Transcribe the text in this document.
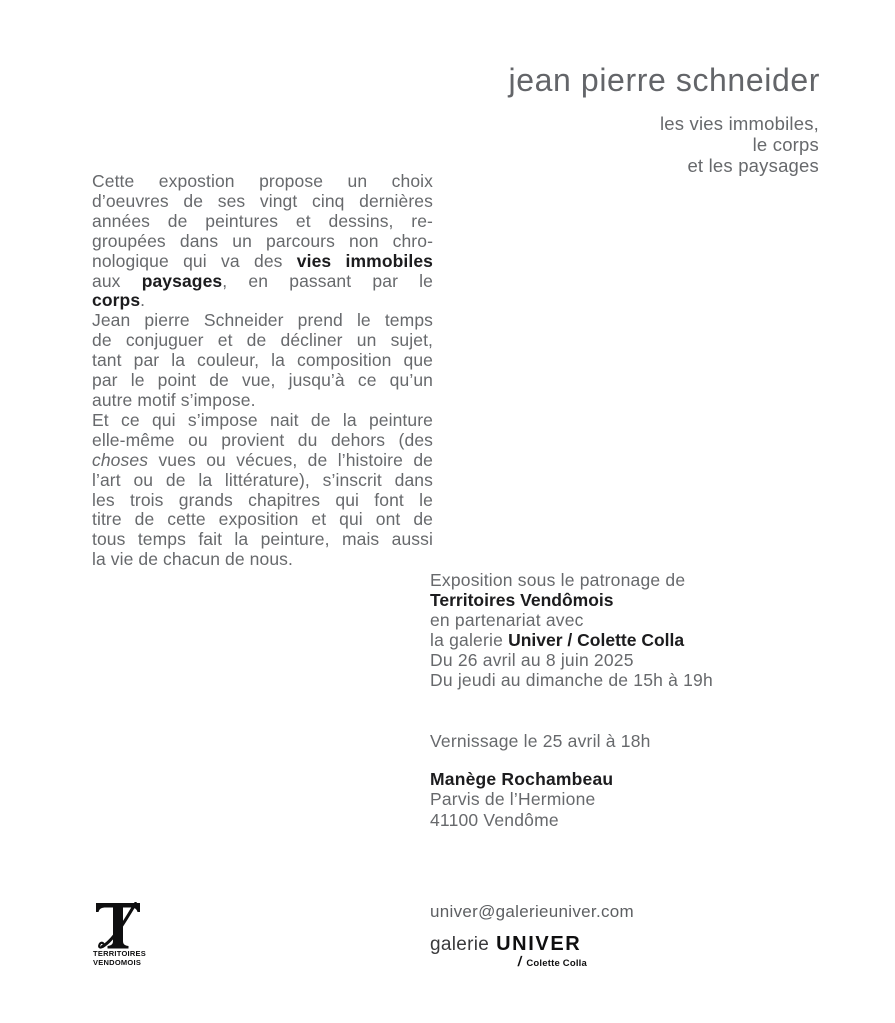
jean pierre schneider
les vies immobiles,
le corps
et les paysages
Cette expostion propose un choix
d’oeuvres de ses vingt cinq dernières
années de peintures et dessins, re-
groupées dans un parcours non chro-
nologique qui va des vies immobiles
aux paysages, en passant par le
corps.
Jean pierre Schneider prend le temps
de conjuguer et de décliner un sujet,
tant par la couleur, la composition que
par le point de vue, jusqu’à ce qu’un
autre motif s’impose.
Et ce qui s’impose nait de la peinture
elle-même ou provient du dehors (des
choses vues ou vécues, de l’histoire de
l’art ou de la littérature), s’inscrit dans
les trois grands chapitres qui font le
titre de cette exposition et qui ont de
tous temps fait la peinture, mais aussi
la vie de chacun de nous.
Exposition sous le patronage de
Territoires Vendômois
en partenariat avec
la galerie Univer / Colette Colla
Du 26 avril au 8 juin 2025
Du jeudi au dimanche de 15h à 19h
Vernissage le 25 avril à 18h
Manège Rochambeau
Parvis de l’Hermione
41100 Vendôme
univer@galerieuniver.com
galerie UNIVER
/ Colette Colla
TERRITOIRES
VENDOMOIS
